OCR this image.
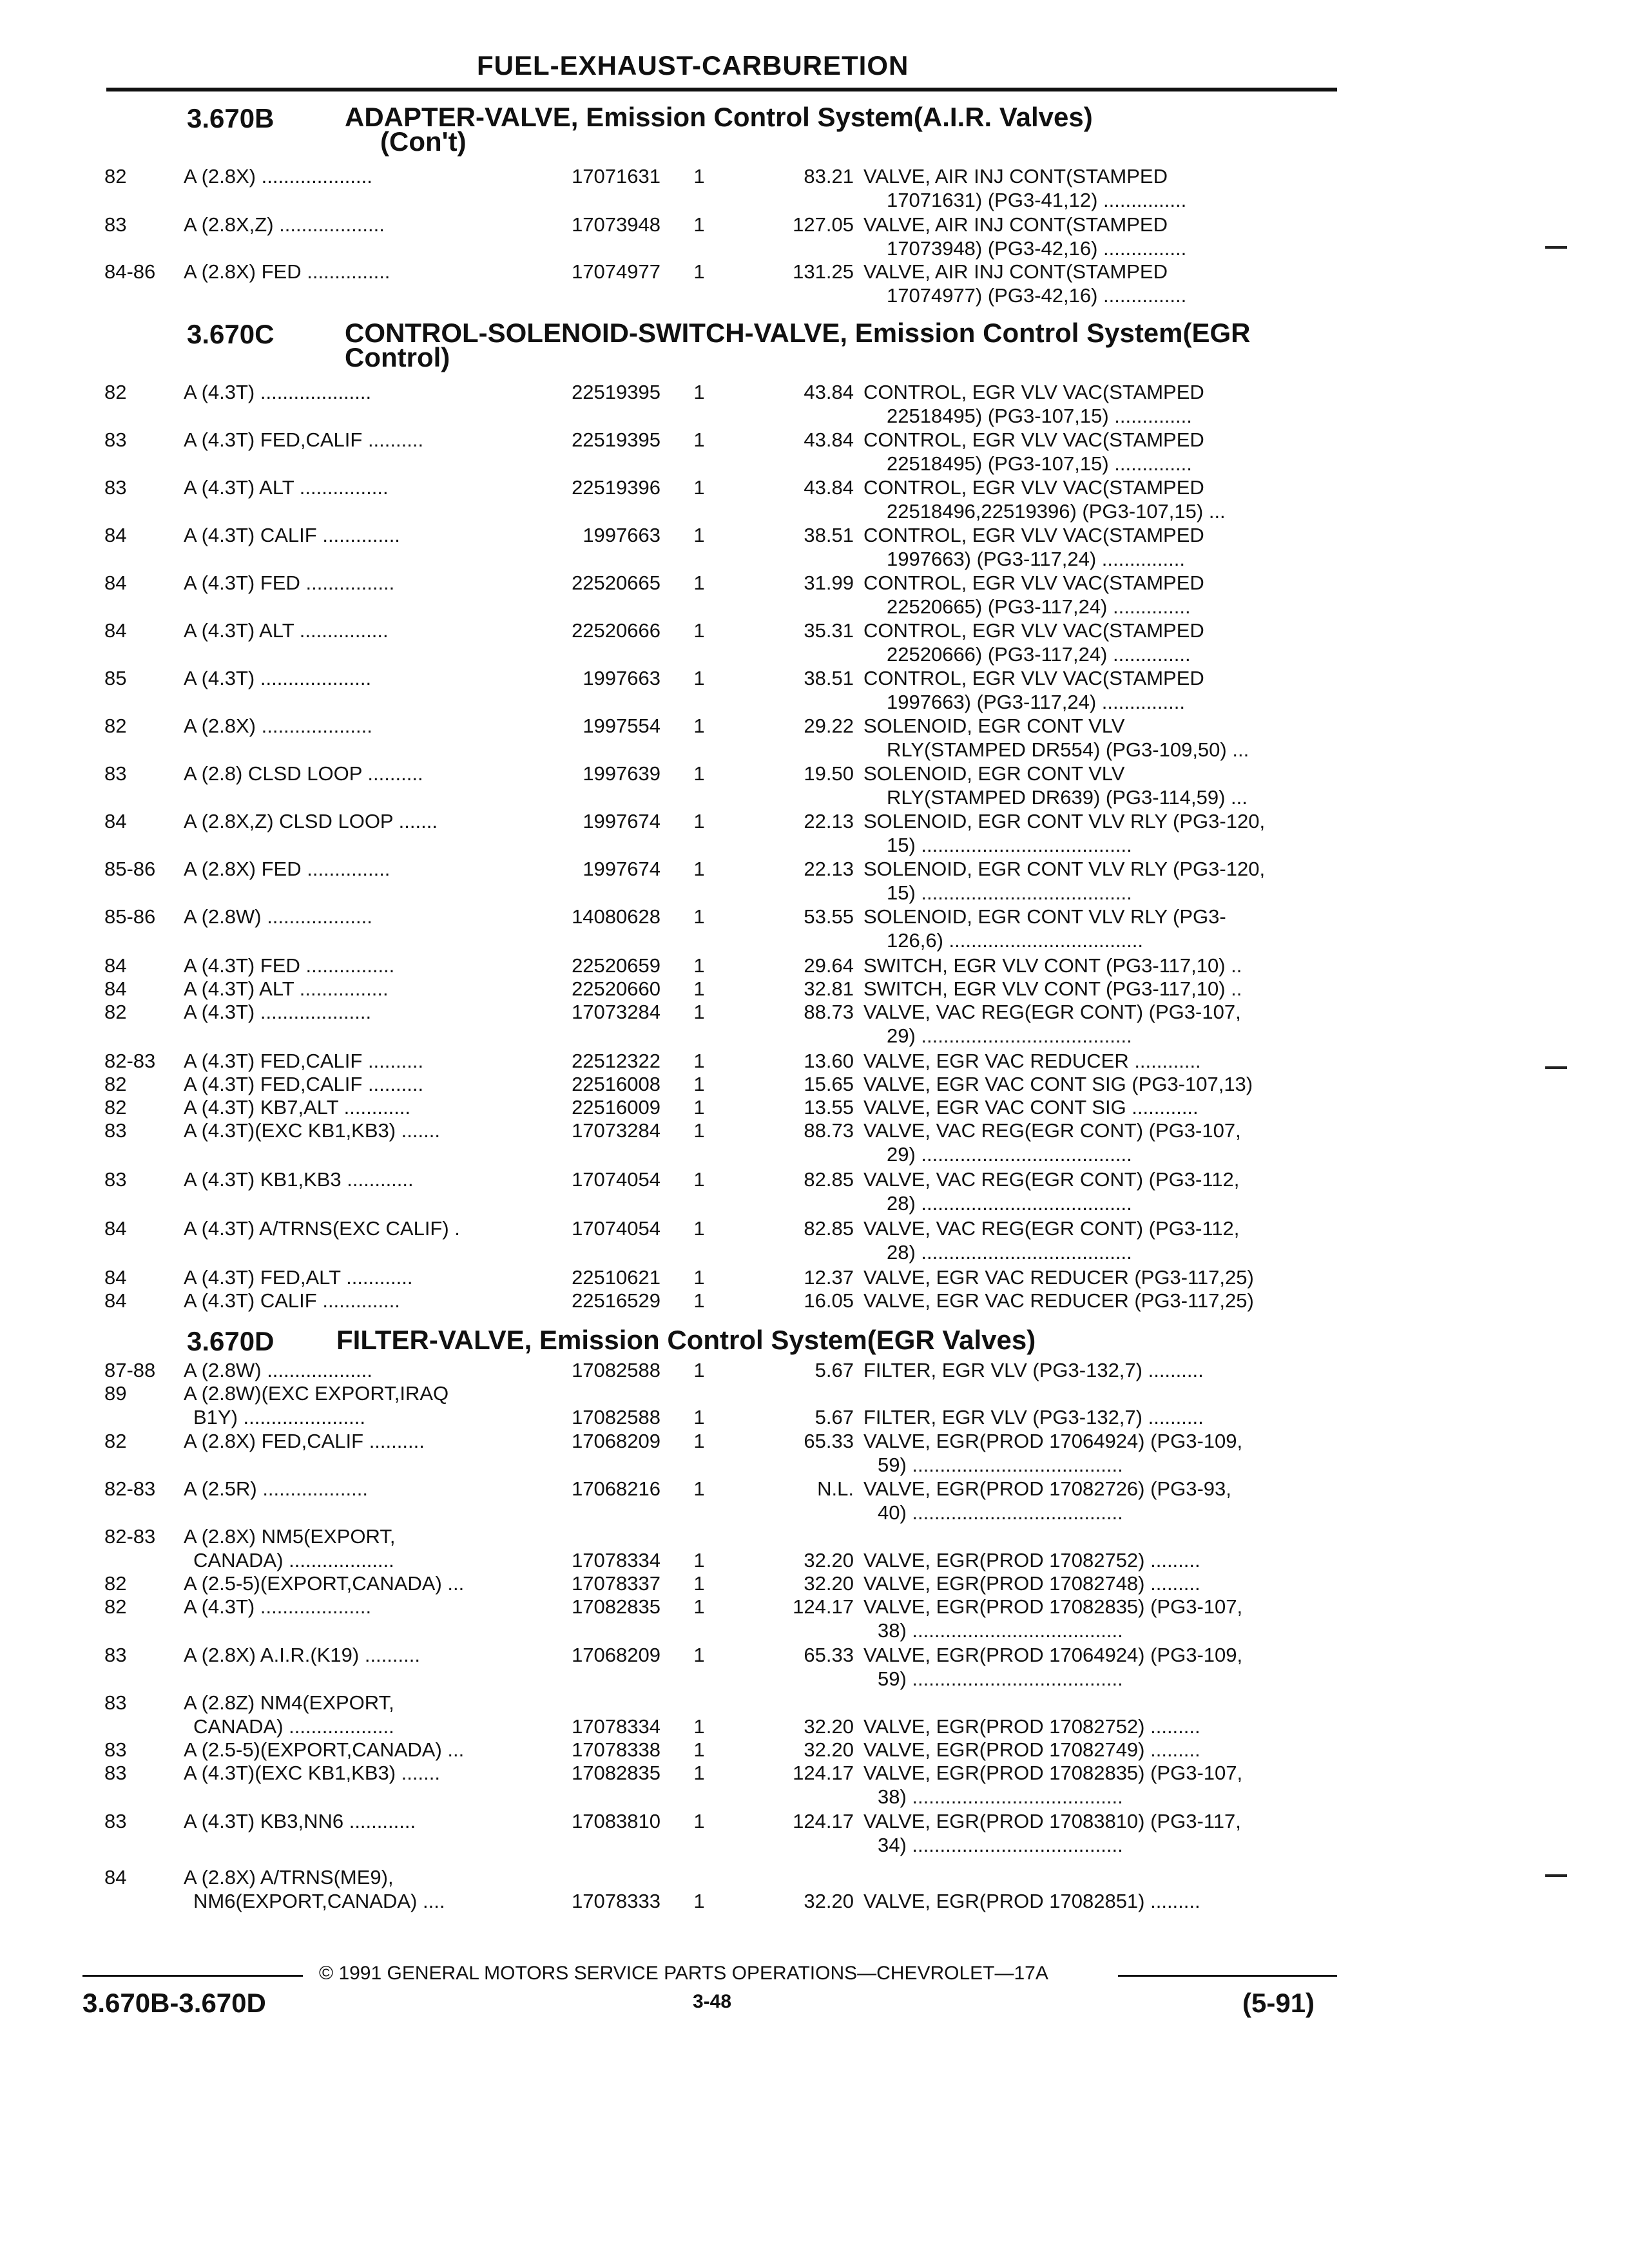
FUEL-EXHAUST-CARBURETION
3.670B	ADAPTER-VALVE, Emission Control System(A.I.R. Valves)
(Con't)
82	A (2.8X) ....................	17071631 1	83.21 VALVE, AIR INJ CONT(STAMPED
17071631) (PG3-41,12) ...............
83	A (2.8X,Z) ...................	17073948 1	127.05 VALVE, AIR INJ CONT(STAMPED
17073948) (PG3-42,16) ...............
84-86	A (2.8X) FED ...............	17074977 1	131.25 VALVE, AIR INJ CONT(STAMPED
17074977) (PG3-42,16) ...............
3.670C	CONTROL-SOLENOID-SWITCH-VALVE, Emission Control System(EGR
Control)
82	A (4.3T) ....................	22519395 1	43.84 CONTROL, EGR VLV VAC(STAMPED
22518495) (PG3-107,15) ..............
83	A (4.3T) FED,CALIF ..........	22519395 1	43.84 CONTROL, EGR VLV VAC(STAMPED
22518495) (PG3-107,15) ..............
83	A (4.3T) ALT ................	22519396 1	43.84 CONTROL, EGR VLV VAC(STAMPED
22518496,22519396) (PG3-107,15) ...
84	A (4.3T) CALIF ..............	1997663 1	38.51 CONTROL, EGR VLV VAC(STAMPED
1997663) (PG3-117,24) ...............
84	A (4.3T) FED ................	22520665 1	31.99 CONTROL, EGR VLV VAC(STAMPED
22520665) (PG3-117,24) ..............
84	A (4.3T) ALT ................	22520666 1	35.31 CONTROL, EGR VLV VAC(STAMPED
22520666) (PG3-117,24) ..............
85	A (4.3T) ....................	1997663 1	38.51 CONTROL, EGR VLV VAC(STAMPED
1997663) (PG3-117,24) ...............
82	A (2.8X) ....................	1997554 1	29.22 SOLENOID, EGR CONT VLV
RLY(STAMPED DR554) (PG3-109,50) ...
83	A (2.8) CLSD LOOP ..........	1997639 1	19.50 SOLENOID, EGR CONT VLV
RLY(STAMPED DR639) (PG3-114,59) ...
84	A (2.8X,Z) CLSD LOOP .......	1997674 1	22.13 SOLENOID, EGR CONT VLV RLY (PG3-120,
15) ......................................
85-86	A (2.8X) FED ...............	1997674 1	22.13 SOLENOID, EGR CONT VLV RLY (PG3-120,
15) ......................................
85-86	A (2.8W) ...................	14080628 1	53.55 SOLENOID, EGR CONT VLV RLY (PG3-
126,6) ...................................
84	A (4.3T) FED ................	22520659 1	29.64 SWITCH, EGR VLV CONT (PG3-117,10) ..
84	A (4.3T) ALT ................	22520660 1	32.81 SWITCH, EGR VLV CONT (PG3-117,10) ..
82	A (4.3T) ....................	17073284 1	88.73 VALVE, VAC REG(EGR CONT) (PG3-107,
29) ......................................
82-83	A (4.3T) FED,CALIF ..........	22512322 1	13.60 VALVE, EGR VAC REDUCER ............
82	A (4.3T) FED,CALIF ..........	22516008 1	15.65 VALVE, EGR VAC CONT SIG (PG3-107,13)
82	A (4.3T) KB7,ALT ............	22516009 1	13.55 VALVE, EGR VAC CONT SIG ............
83	A (4.3T)(EXC KB1,KB3) .......	17073284 1	88.73 VALVE, VAC REG(EGR CONT) (PG3-107,
29) ......................................
83	A (4.3T) KB1,KB3 ............	17074054 1	82.85 VALVE, VAC REG(EGR CONT) (PG3-112,
28) ......................................
84	A (4.3T) A/TRNS(EXC CALIF) .	17074054 1	82.85 VALVE, VAC REG(EGR CONT) (PG3-112,
28) ......................................
84	A (4.3T) FED,ALT ............	22510621 1	12.37 VALVE, EGR VAC REDUCER (PG3-117,25)
84	A (4.3T) CALIF ..............	22516529 1	16.05 VALVE, EGR VAC REDUCER (PG3-117,25)
3.670D FILTER-VALVE, Emission Control System(EGR Valves)
87-88	A (2.8W) ...................	17082588 1	5.67 FILTER, EGR VLV (PG3-132,7) ..........
89	A (2.8W)(EXC EXPORT,IRAQ
B1Y) ......................	17082588 1	5.67 FILTER, EGR VLV (PG3-132,7) ..........
82	A (2.8X) FED,CALIF ..........	17068209 1	65.33 VALVE, EGR(PROD 17064924) (PG3-109,
59) ......................................
82-83	A (2.5R) ...................	17068216 1	N.L. VALVE, EGR(PROD 17082726) (PG3-93,
40) ......................................
82-83	A (2.8X) NM5(EXPORT,
CANADA) ...................	17078334 1	32.20 VALVE, EGR(PROD 17082752) .........
82	A (2.5-5)(EXPORT,CANADA) ...	17078337 1	32.20 VALVE, EGR(PROD 17082748) .........
82	A (4.3T) ....................	17082835 1	124.17 VALVE, EGR(PROD 17082835) (PG3-107,
38) ......................................
83	A (2.8X) A.I.R.(K19) ..........	17068209 1	65.33 VALVE, EGR(PROD 17064924) (PG3-109,
59) ......................................
83	A (2.8Z) NM4(EXPORT,
CANADA) ...................	17078334 1	32.20 VALVE, EGR(PROD 17082752) .........
83	A (2.5-5)(EXPORT,CANADA) ...	17078338 1	32.20 VALVE, EGR(PROD 17082749) .........
83	A (4.3T)(EXC KB1,KB3) .......	17082835 1	124.17 VALVE, EGR(PROD 17082835) (PG3-107,
38) ......................................
83	A (4.3T) KB3,NN6 ............	17083810 1	124.17 VALVE, EGR(PROD 17083810) (PG3-117,
34) ......................................
84	A (2.8X) A/TRNS(ME9),
NM6(EXPORT,CANADA) ....	17078333 1	32.20 VALVE, EGR(PROD 17082851) .........
© 1991 GENERAL MOTORS SERVICE PARTS OPERATIONS—CHEVROLET—17A
3.670B-3.670D	3-48	(5-91)
